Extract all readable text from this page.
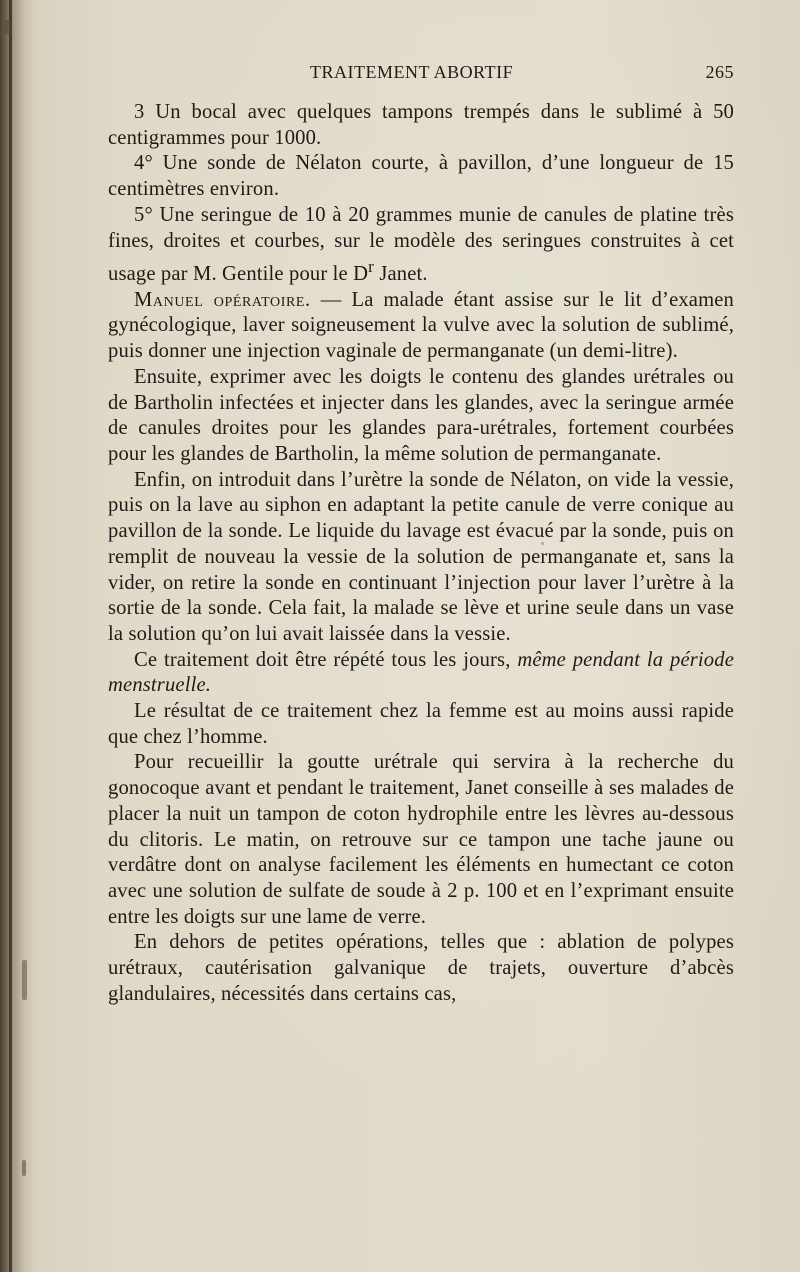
TRAITEMENT ABORTIF	265

3 Un bocal avec quelques tampons trempés dans le sublimé à 50 centigrammes pour 1000.

4° Une sonde de Nélaton courte, à pavillon, d’une longueur de 15 centimètres environ.

5° Une seringue de 10 à 20 grammes munie de canules de platine très fines, droites et courbes, sur le modèle des seringues construites à cet usage par M. Gentile pour le $D^r$ Janet.

Manuel opératoire. — La malade étant assise sur le lit d’examen gynécologique, laver soigneusement la vulve avec la solution de sublimé, puis donner une injection vaginale de permanganate (un demi-litre).

Ensuite, exprimer avec les doigts le contenu des glandes urétrales ou de Bartholin infectées et injecter dans les glandes, avec la seringue armée de canules droites pour les glandes para-urétrales, fortement courbées pour les glandes de Bartholin, la même solution de permanganate.

Enfin, on introduit dans l’urètre la sonde de Nélaton, on vide la vessie, puis on la lave au siphon en adaptant la petite canule de verre conique au pavillon de la sonde. Le liquide du lavage est évacué par la sonde, puis on remplit de nouveau la vessie de la solution de permanganate et, sans la vider, on retire la sonde en continuant l’injection pour laver l’urètre à la sortie de la sonde. Cela fait, la malade se lève et urine seule dans un vase la solution qu’on lui avait laissée dans la vessie.

Ce traitement doit être répété tous les jours, même pendant la période menstruelle.

Le résultat de ce traitement chez la femme est au moins aussi rapide que chez l’homme.

Pour recueillir la goutte urétrale qui servira à la recherche du gonocoque avant et pendant le traitement, Janet conseille à ses malades de placer la nuit un tampon de coton hydrophile entre les lèvres au-dessous du clitoris. Le matin, on retrouve sur ce tampon une tache jaune ou verdâtre dont on analyse facilement les éléments en humectant ce coton avec une solution de sulfate de soude à 2 p. 100 et en l’exprimant ensuite entre les doigts sur une lame de verre.

En dehors de petites opérations, telles que : ablation de polypes urétraux, cautérisation galvanique de trajets, ouverture d’abcès glandulaires, nécessités dans certains cas,
